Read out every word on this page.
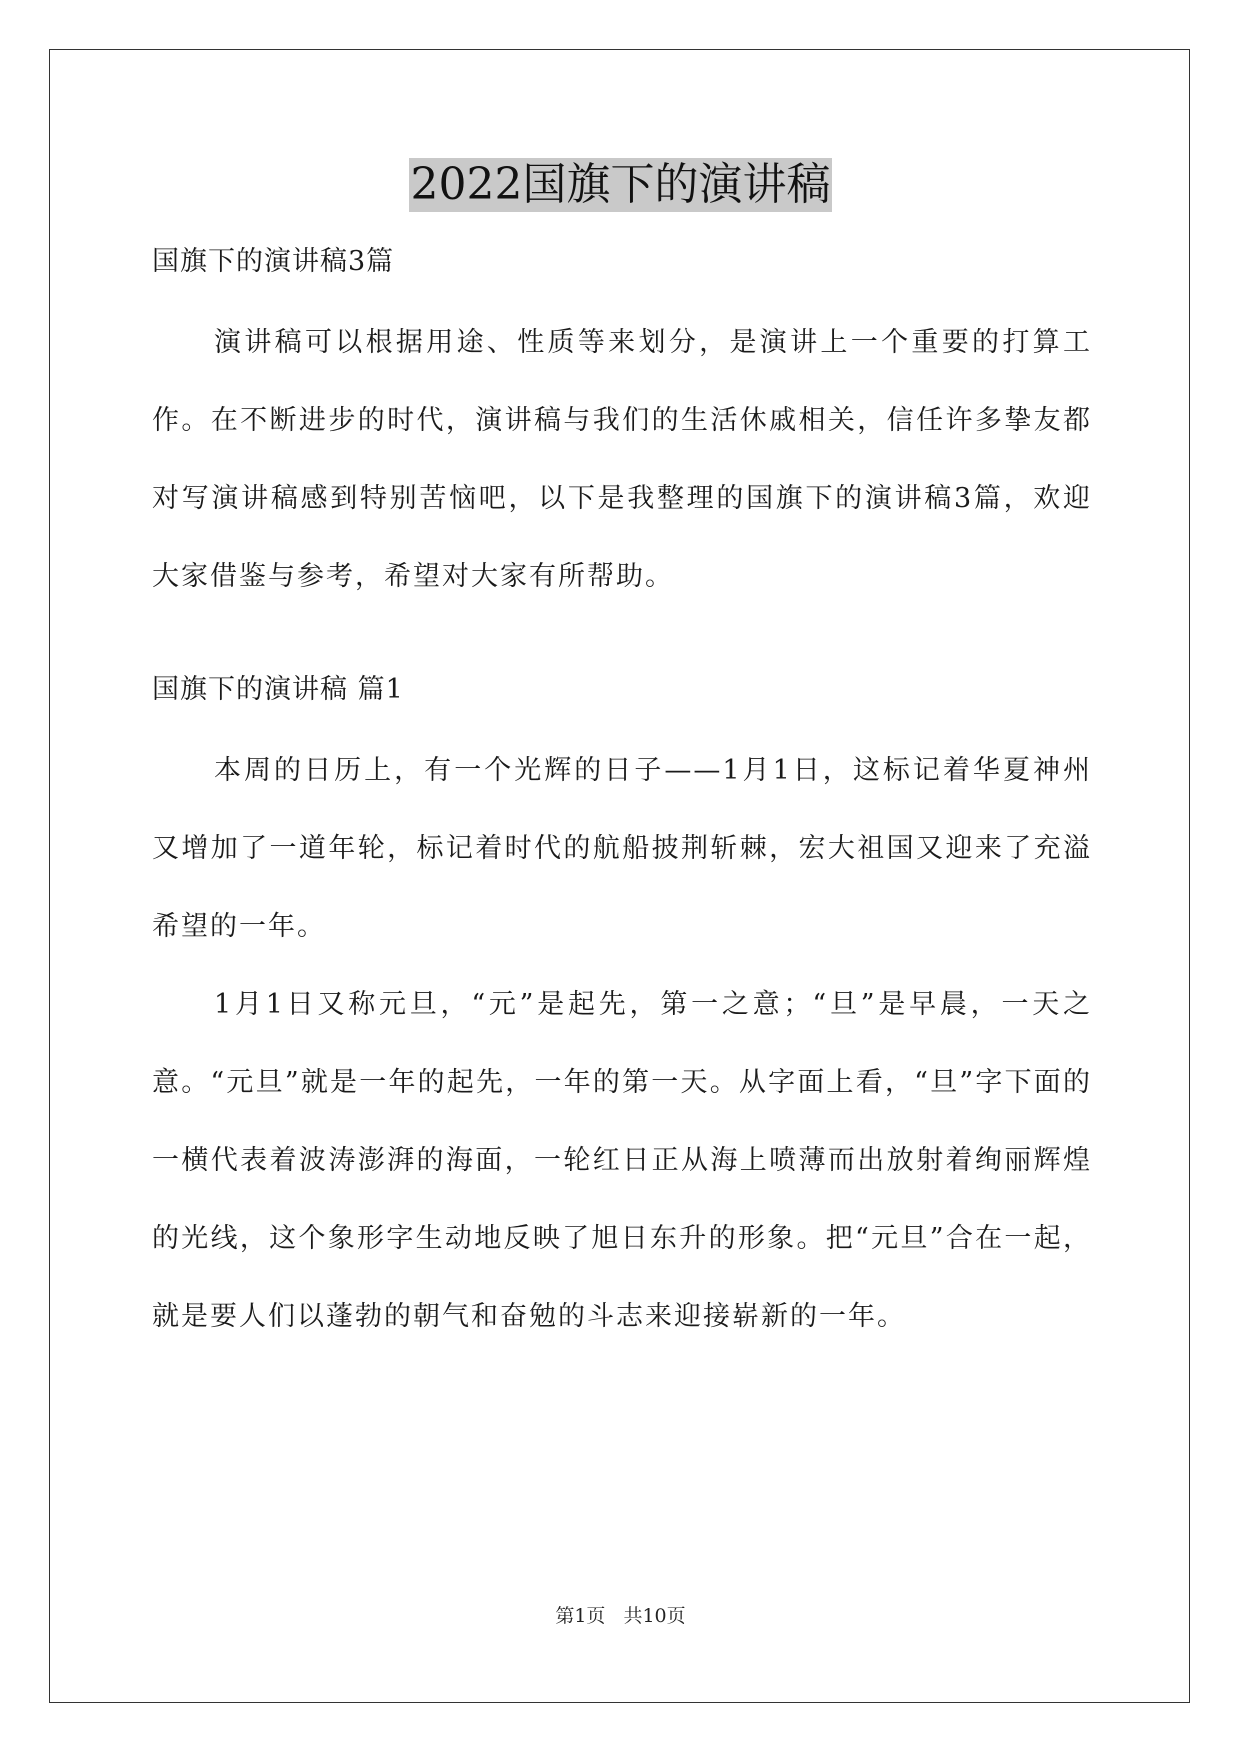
2022国旗下的演讲稿
国旗下的演讲稿3篇

演讲稿可以根据用途、性质等来划分，是演讲上一个重要的打算工作。在不断进步的时代，演讲稿与我们的生活休戚相关，信任许多挚友都对写演讲稿感到特别苦恼吧，以下是我整理的国旗下的演讲稿3篇，欢迎大家借鉴与参考，希望对大家有所帮助。

国旗下的演讲稿 篇1

本周的日历上，有一个光辉的日子——1月1日，这标记着华夏神州又增加了一道年轮，标记着时代的航船披荆斩棘，宏大祖国又迎来了充溢希望的一年。

1月1日又称元旦，“元”是起先，第一之意；“旦”是早晨，一天之意。“元旦”就是一年的起先，一年的第一天。从字面上看，“旦”字下面的一横代表着波涛澎湃的海面，一轮红日正从海上喷薄而出放射着绚丽辉煌的光线，这个象形字生动地反映了旭日东升的形象。把“元旦”合在一起，就是要人们以蓬勃的朝气和奋勉的斗志来迎接崭新的一年。

第1页 共10页
